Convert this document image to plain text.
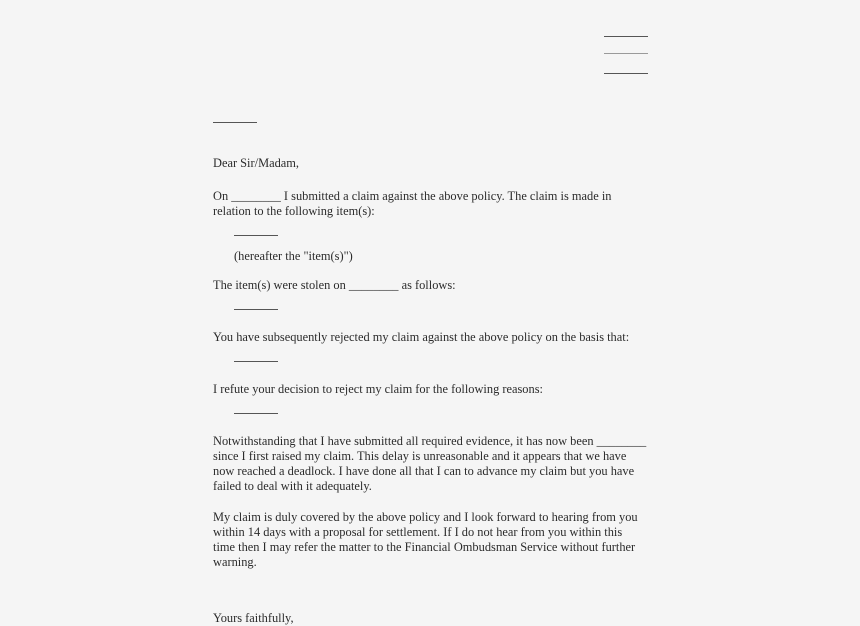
Dear Sir/Madam,

On ________ I submitted a claim against the above policy. The claim is made in relation to the following item(s):

(hereafter the "item(s)")

The item(s) were stolen on ________ as follows:

You have subsequently rejected my claim against the above policy on the basis that:

I refute your decision to reject my claim for the following reasons:

Notwithstanding that I have submitted all required evidence, it has now been ________ since I first raised my claim. This delay is unreasonable and it appears that we have now reached a deadlock. I have done all that I can to advance my claim but you have failed to deal with it adequately.

My claim is duly covered by the above policy and I look forward to hearing from you within 14 days with a proposal for settlement. If I do not hear from you within this time then I may refer the matter to the Financial Ombudsman Service without further warning.

Yours faithfully,
